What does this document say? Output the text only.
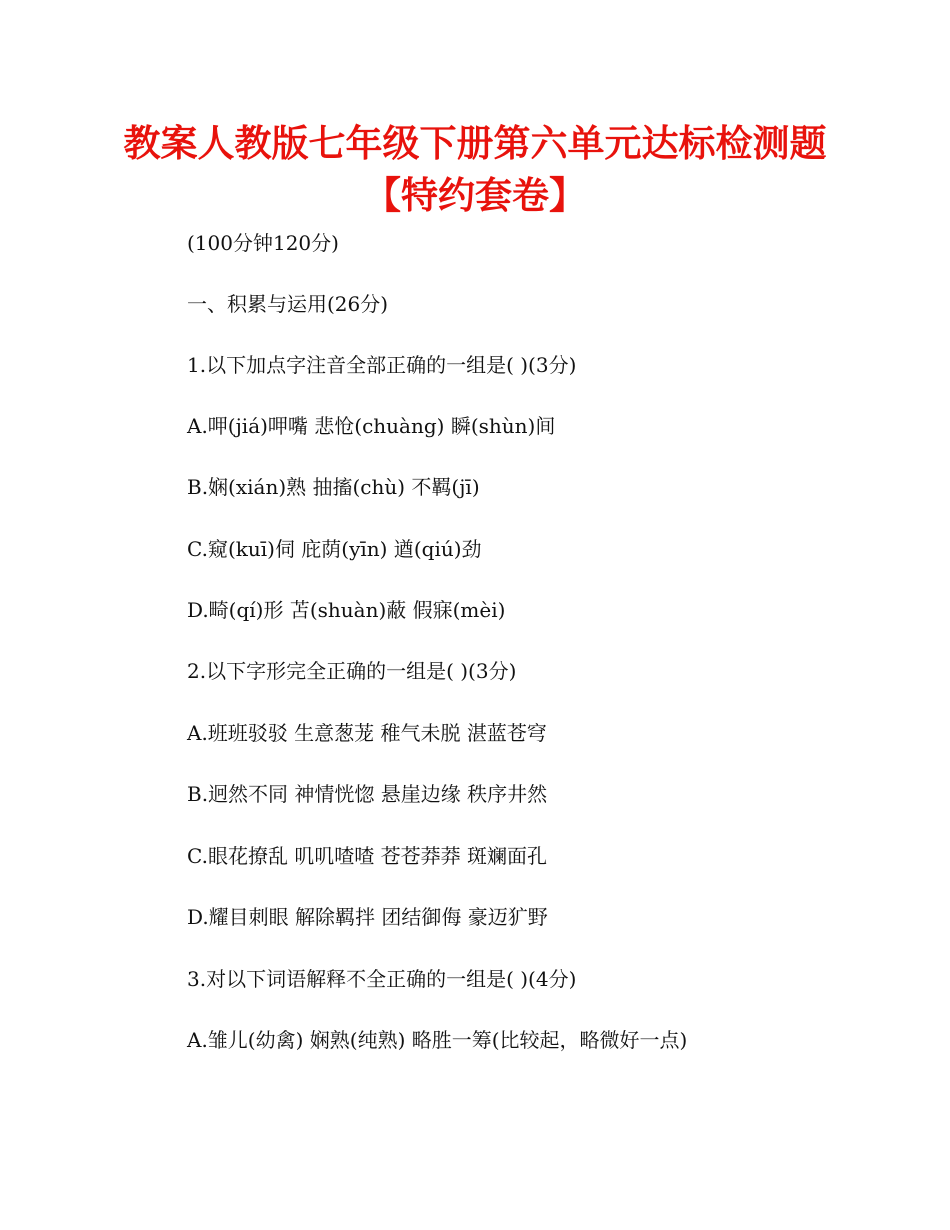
教案人教版七年级下册第六单元达标检测题【特约套卷】
(100分钟120分)
一、积累与运用(26分)
1.以下加点字注音全部正确的一组是( )(3分)
A.呷(jiá)呷嘴 悲怆(chuàng) 瞬(shùn)间
B.娴(xián)熟 抽搐(chù) 不羁(jī)
C.窥(kuī)伺 庇荫(yīn) 遒(qiú)劲
D.畸(qí)形 苫(shuàn)蔽 假寐(mèi)
2.以下字形完全正确的一组是( )(3分)
A.班班驳驳 生意葱茏 稚气未脱 湛蓝苍穹
B.迥然不同 神情恍惚 悬崖边缘 秩序井然
C.眼花撩乱 叽叽喳喳 苍苍莽莽 斑斓面孔
D.耀目刺眼 解除羁拌 团结御侮 豪迈犷野
3.对以下词语解释不全正确的一组是( )(4分)
A.雏儿(幼禽) 娴熟(纯熟) 略胜一筹(比较起，略微好一点)
